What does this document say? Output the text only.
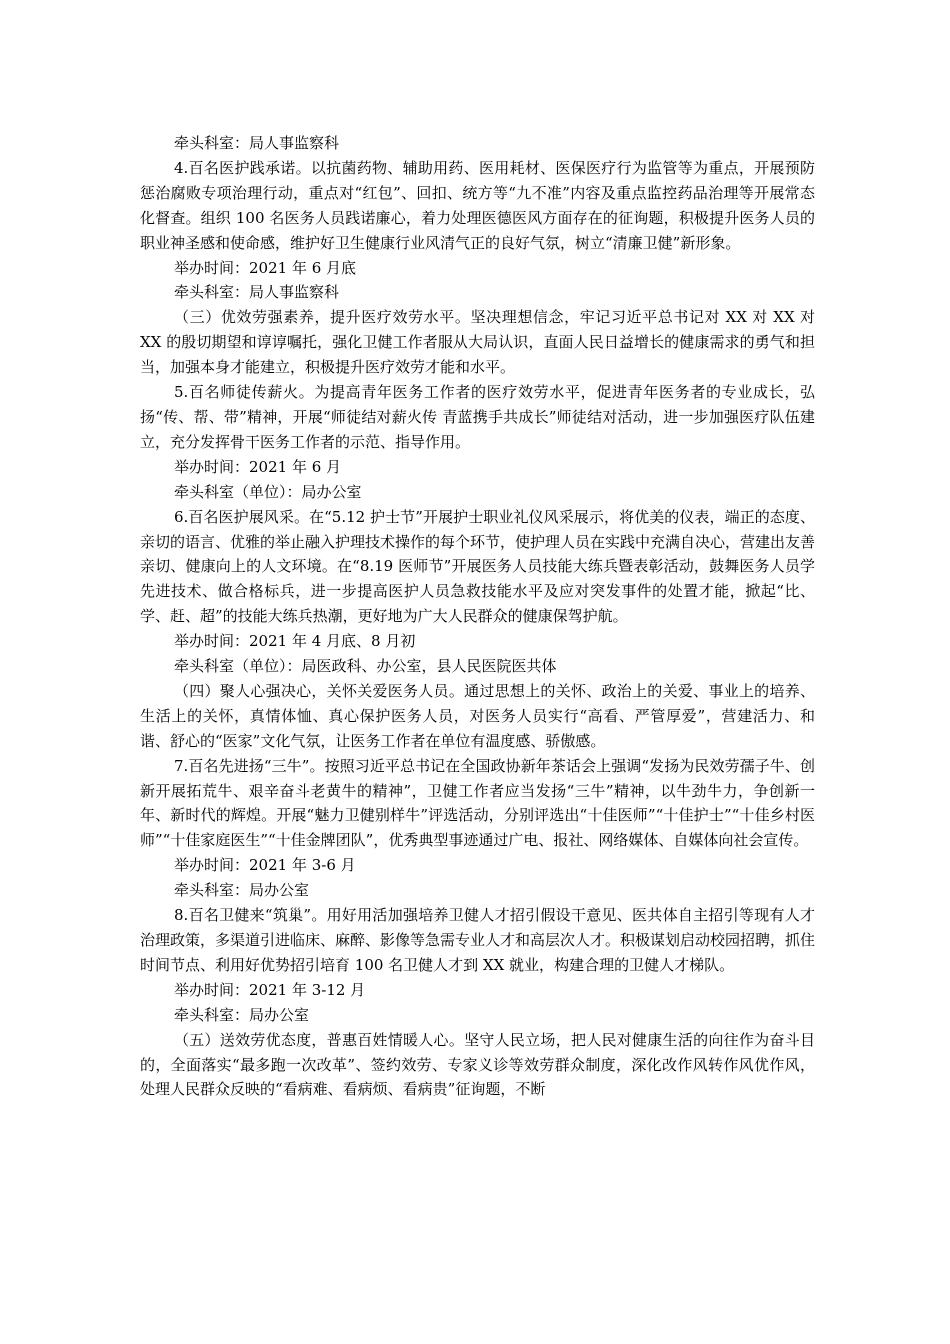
牵头科室：局人事监察科

4.百名医护践承诺。以抗菌药物、辅助用药、医用耗材、医保医疗行为监管等为重点，开展预防惩治腐败专项治理行动，重点对“红包”、回扣、统方等“九不准”内容及重点监控药品治理等开展常态化督查。组织 100 名医务人员践诺廉心，着力处理医德医风方面存在的征询题，积极提升医务人员的职业神圣感和使命感，维护好卫生健康行业风清气正的良好气氛，树立“清廉卫健”新形象。

举办时间：2021 年 6 月底

牵头科室：局人事监察科

（三）优效劳强素养，提升医疗效劳水平。坚决理想信念，牢记习近平总书记对 XX 对 XX 对 XX 的殷切期望和谆谆嘱托，强化卫健工作者服从大局认识，直面人民日益增长的健康需求的勇气和担当，加强本身才能建立，积极提升医疗效劳才能和水平。

5.百名师徒传薪火。为提高青年医务工作者的医疗效劳水平，促进青年医务者的专业成长，弘扬“传、帮、带”精神，开展“师徒结对薪火传 青蓝携手共成长”师徒结对活动，进一步加强医疗队伍建立，充分发挥骨干医务工作者的示范、指导作用。

举办时间：2021 年 6 月

牵头科室（单位）：局办公室

6.百名医护展风采。在“5.12 护士节”开展护士职业礼仪风采展示，将优美的仪表，端正的态度、亲切的语言、优雅的举止融入护理技术操作的每个环节，使护理人员在实践中充满自决心，营建出友善亲切、健康向上的人文环境。在“8.19 医师节”开展医务人员技能大练兵暨表彰活动，鼓舞医务人员学先进技术、做合格标兵，进一步提高医护人员急救技能水平及应对突发事件的处置才能，掀起“比、学、赶、超”的技能大练兵热潮，更好地为广大人民群众的健康保驾护航。

举办时间：2021 年 4 月底、8 月初

牵头科室（单位）：局医政科、办公室，县人民医院医共体

（四）聚人心强决心，关怀关爱医务人员。通过思想上的关怀、政治上的关爱、事业上的培养、生活上的关怀，真情体恤、真心保护医务人员，对医务人员实行“高看、严管厚爱”，营建活力、和谐、舒心的“医家”文化气氛，让医务工作者在单位有温度感、骄傲感。

7.百名先进扬“三牛”。按照习近平总书记在全国政协新年茶话会上强调“发扬为民效劳孺子牛、创新开展拓荒牛、艰辛奋斗老黄牛的精神”，卫健工作者应当发扬“三牛”精神，以牛劲牛力，争创新一年、新时代的辉煌。开展“魅力卫健别样牛”评选活动，分别评选出“十佳医师”“十佳护士”“十佳乡村医师”“十佳家庭医生”“十佳金牌团队”，优秀典型事迹通过广电、报社、网络媒体、自媒体向社会宣传。

举办时间：2021 年 3-6 月

牵头科室：局办公室

8.百名卫健来“筑巢”。用好用活加强培养卫健人才招引假设干意见、医共体自主招引等现有人才治理政策，多渠道引进临床、麻醉、影像等急需专业人才和高层次人才。积极谋划启动校园招聘，抓住时间节点、利用好优势招引培育 100 名卫健人才到 XX 就业，构建合理的卫健人才梯队。

举办时间：2021 年 3-12 月

牵头科室：局办公室

（五）送效劳优态度，普惠百姓情暖人心。坚守人民立场，把人民对健康生活的向往作为奋斗目的，全面落实“最多跑一次改革”、签约效劳、专家义诊等效劳群众制度，深化改作风转作风优作风，处理人民群众反映的“看病难、看病烦、看病贵”征询题，不断
